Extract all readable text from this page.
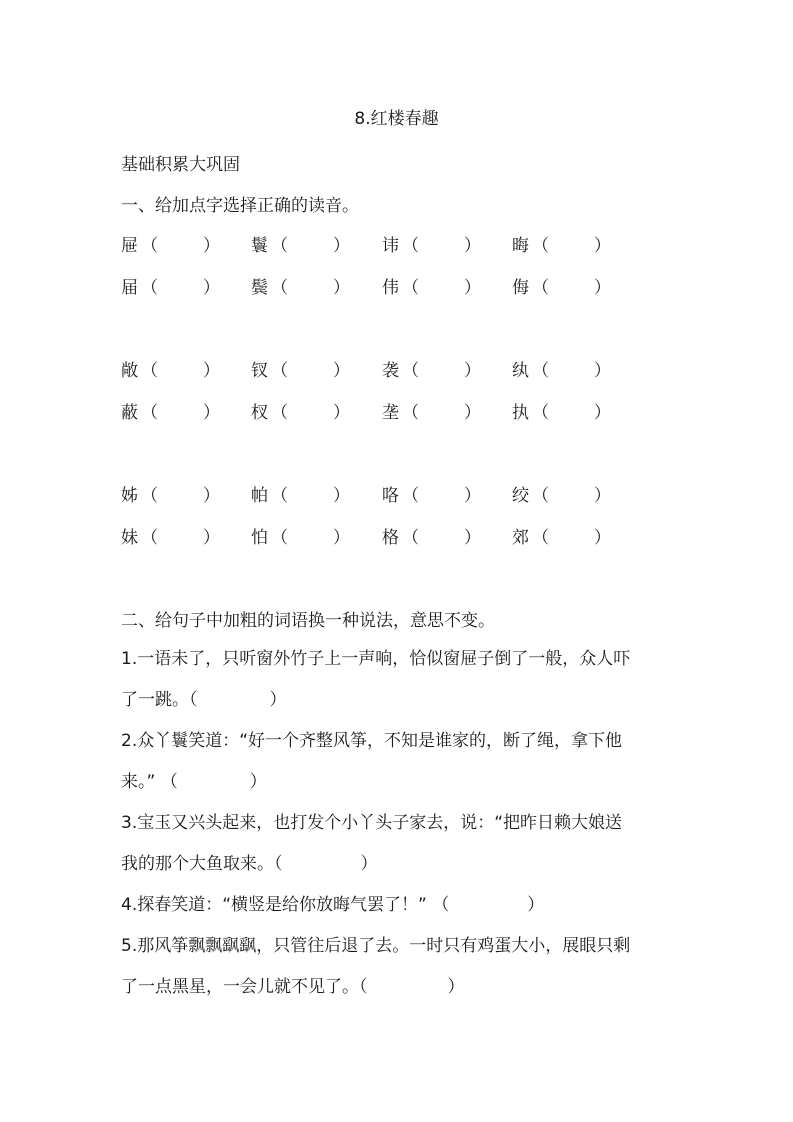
8.红楼春趣
基础积累大巩固
一、给加点字选择正确的读音。
屉 （	） 鬟 （	） 讳 （	） 晦 （	）
届 （	） 鬓 （	） 伟 （	） 侮 （	）
敞 （	） 钗 （	） 袭 （	） 纨 （	）
蔽 （	） 杈 （	） 垄 （	） 执 （	）
姊 （	） 帕 （	） 咯 （	） 绞 （	）
妹 （	） 怕 （	） 格 （	） 郊 （	）
二、给句子中加粗的词语换一种说法，意思不变。
1.一语未了，只听窗外竹子上一声响，恰似窗屉子倒了一般，众人吓
了一跳。（	）
2.众丫鬟笑道：“好一个齐整风筝，不知是谁家的，断了绳，拿下他
来。” （	）
3.宝玉又兴头起来，也打发个小丫头子家去，说：“把昨日赖大娘送
我的那个大鱼取来。（	）
4.探春笑道：“横竖是给你放晦气罢了！” （	）
5.那风筝飘飘飖飖，只管往后退了去。一时只有鸡蛋大小，展眼只剩
了一点黑星，一会儿就不见了。（	）
